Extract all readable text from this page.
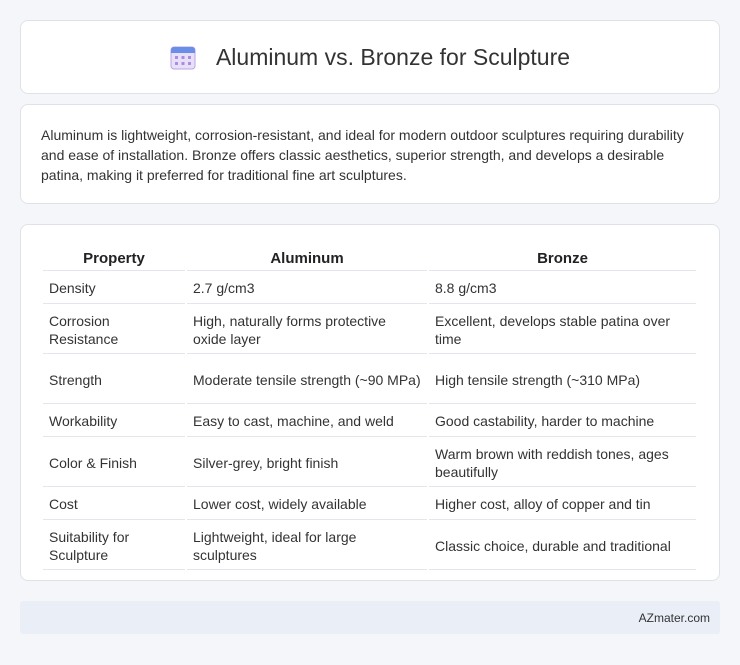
Aluminum vs. Bronze for Sculpture

Aluminum is lightweight, corrosion-resistant, and ideal for modern outdoor sculptures requiring durability and ease of installation. Bronze offers classic aesthetics, superior strength, and develops a desirable patina, making it preferred for traditional fine art sculptures.

Property	Aluminum	Bronze
Density	2.7 g/cm3	8.8 g/cm3
Corrosion Resistance	High, naturally forms protective oxide layer	Excellent, develops stable patina over time
Strength	Moderate tensile strength (~90 MPa)	High tensile strength (~310 MPa)
Workability	Easy to cast, machine, and weld	Good castability, harder to machine
Color & Finish	Silver-grey, bright finish	Warm brown with reddish tones, ages beautifully
Cost	Lower cost, widely available	Higher cost, alloy of copper and tin
Suitability for Sculpture	Lightweight, ideal for large sculptures	Classic choice, durable and traditional
AZmater.com
